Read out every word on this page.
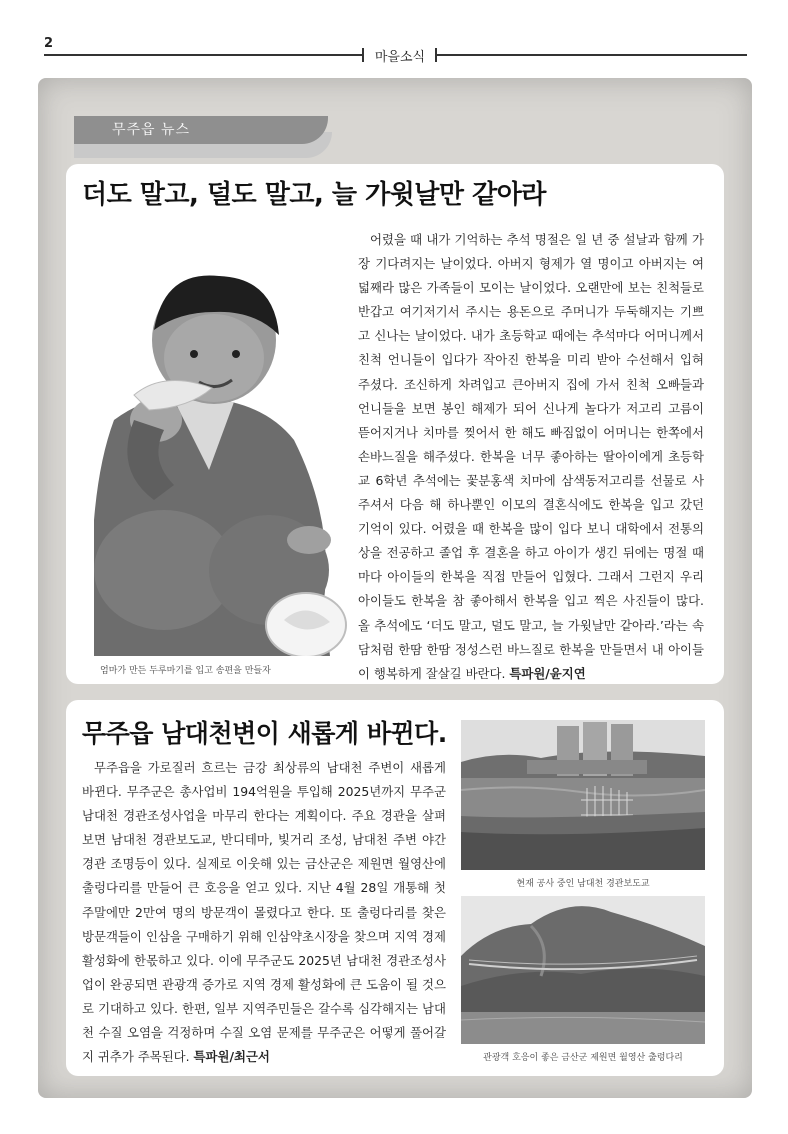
2
마을소식
무주읍 뉴스
더도 말고, 덜도 말고, 늘 가윗날만 같아라
엄마가 만든 두루마기를 입고 송편을 만들자
어렸을 때 내가 기억하는 추석 명절은 일 년 중 설날과 함께 가장 기다려지는 날이었다. 아버지 형제가 열 명이고 아버지는 여덟째라 많은 가족들이 모이는 날이었다. 오랜만에 보는 친척들로 반갑고 여기저기서 주시는 용돈으로 주머니가 두둑해지는 기쁘고 신나는 날이었다. 내가 초등학교 때에는 추석마다 어머니께서 친척 언니들이 입다가 작아진 한복을 미리 받아 수선해서 입혀 주셨다. 조신하게 차려입고 큰아버지 집에 가서 친척 오빠들과 언니들을 보면 봉인 해제가 되어 신나게 놀다가 저고리 고름이 뜯어지거나 치마를 찢어서 한 해도 빠짐없이 어머니는 한쪽에서 손바느질을 해주셨다. 한복을 너무 좋아하는 딸아이에게 초등학교 6학년 추석에는 꽃분홍색 치마에 삼색동저고리를 선물로 사주셔서 다음 해 하나뿐인 이모의 결혼식에도 한복을 입고 갔던 기억이 있다. 어렸을 때 한복을 많이 입다 보니 대학에서 전통의상을 전공하고 졸업 후 결혼을 하고 아이가 생긴 뒤에는 명절 때마다 아이들의 한복을 직접 만들어 입혔다. 그래서 그런지 우리 아이들도 한복을 참 좋아해서 한복을 입고 찍은 사진들이 많다. 올 추석에도 ‘더도 말고, 덜도 말고, 늘 가윗날만 같아라.’라는 속담처럼 한땀 한땀 정성스런 바느질로 한복을 만들면서 내 아이들이 행복하게 잘살길 바란다. 특파원/윤지연
무주읍 남대천변이 새롭게 바뀐다.
무주읍을 가로질러 흐르는 금강 최상류의 남대천 주변이 새롭게 바뀐다. 무주군은 총사업비 194억원을 투입해 2025년까지 무주군 남대천 경관조성사업을 마무리 한다는 계획이다. 주요 경관을 살펴보면 남대천 경관보도교, 반디테마, 빛거리 조성, 남대천 주변 야간 경관 조명등이 있다. 실제로 이웃해 있는 금산군은 제원면 월영산에 출렁다리를 만들어 큰 호응을 얻고 있다. 지난 4월 28일 개통해 첫 주말에만 2만여 명의 방문객이 몰렸다고 한다. 또 출렁다리를 찾은 방문객들이 인삼을 구매하기 위해 인삼약초시장을 찾으며 지역 경제 활성화에 한몫하고 있다. 이에 무주군도 2025년 남대천 경관조성사업이 완공되면 관광객 증가로 지역 경제 활성화에 큰 도움이 될 것으로 기대하고 있다. 한편, 일부 지역주민들은 갈수록 심각해지는 남대천 수질 오염을 걱정하며 수질 오염 문제를 무주군은 어떻게 풀어갈지 귀추가 주목된다. 특파원/최근서
현재 공사 중인 남대천 경관보도교
관광객 호응이 좋은 금산군 제원면 월영산 출렁다리
